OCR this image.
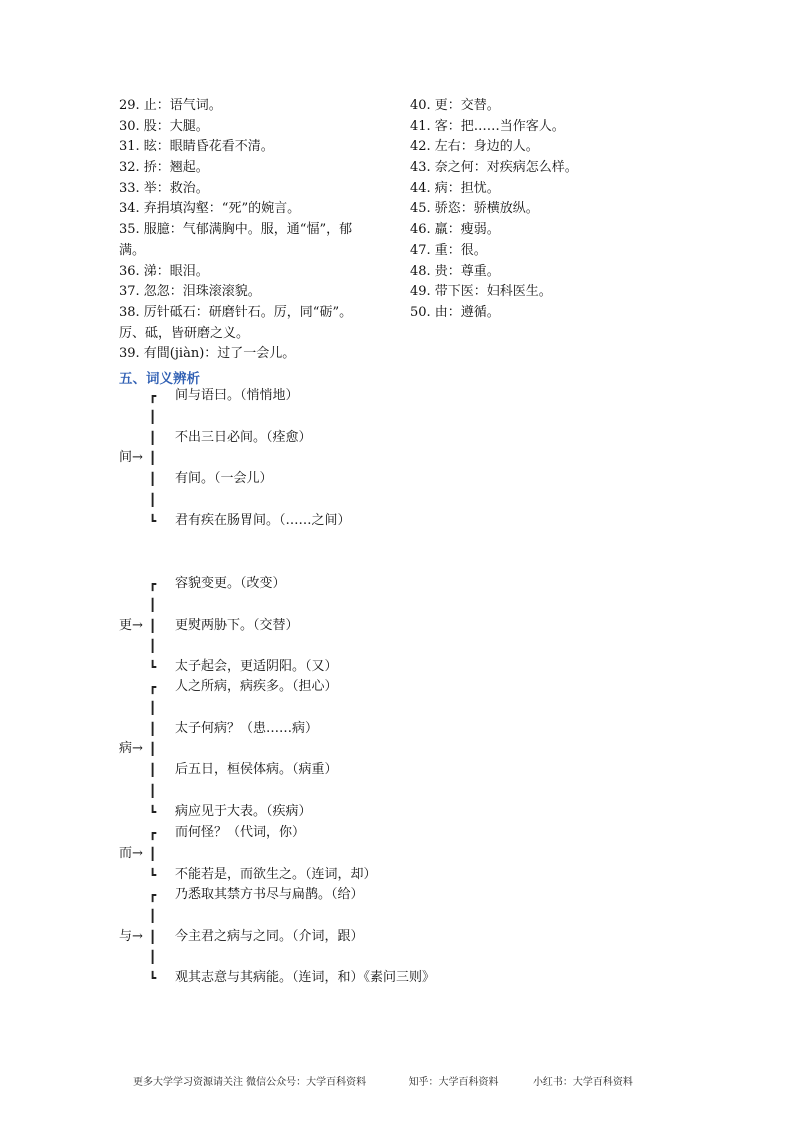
29. 止：语气词。
30. 股：大腿。
31. 眩：眼睛昏花看不清。
32. 挢：翘起。
33. 举：救治。
34. 弃捐填沟壑：“死”的婉言。
35. 服臆：气郁满胸中。服，通“愊”，郁
满。
36. 涕：眼泪。
37. 忽忽：泪珠滚滚貌。
38. 厉针砥石：研磨针石。厉，同“砺”。
厉、砥，皆研磨之义。
39. 有間(jiàn)：过了一会儿。
40. 更：交替。
41. 客：把……当作客人。
42. 左右：身边的人。
43. 奈之何：对疾病怎么样。
44. 病：担忧。
45. 骄恣：骄横放纵。
46. 羸：瘦弱。
47. 重：很。
48. 贵：尊重。
49. 带下医：妇科医生。
50. 由：遵循。
五、词义辨析
┏	间与语曰。（悄悄地）
┃
┃	不出三日必间。（痊愈）
┃
┃	有间。（一会儿）
┃
┗	君有疾在肠胃间。（……之间）
间→
┏	容貌变更。（改变）
┃
┃	更熨两胁下。（交替）
┃
┗	太子起会，更适阴阳。（又）
更→
┏	人之所病，病疾多。（担心）
┃
┃	太子何病？（患……病）
┃
┃	后五日，桓侯体病。（病重）
┃
┗	病应见于大表。（疾病）
病→
┏	而何怪？（代词，你）
┃
┗	不能若是，而欲生之。（连词，却）
而→
┏	乃悉取其禁方书尽与扁鹊。（给）
┃
┃	今主君之病与之同。（介词，跟）
┃
┗	观其志意与其病能。（连词，和）《素问三则》
与→
更多大学学习资源请关注 微信公众号：大学百科资料	知乎：大学百科资料	小红书：大学百科资料
